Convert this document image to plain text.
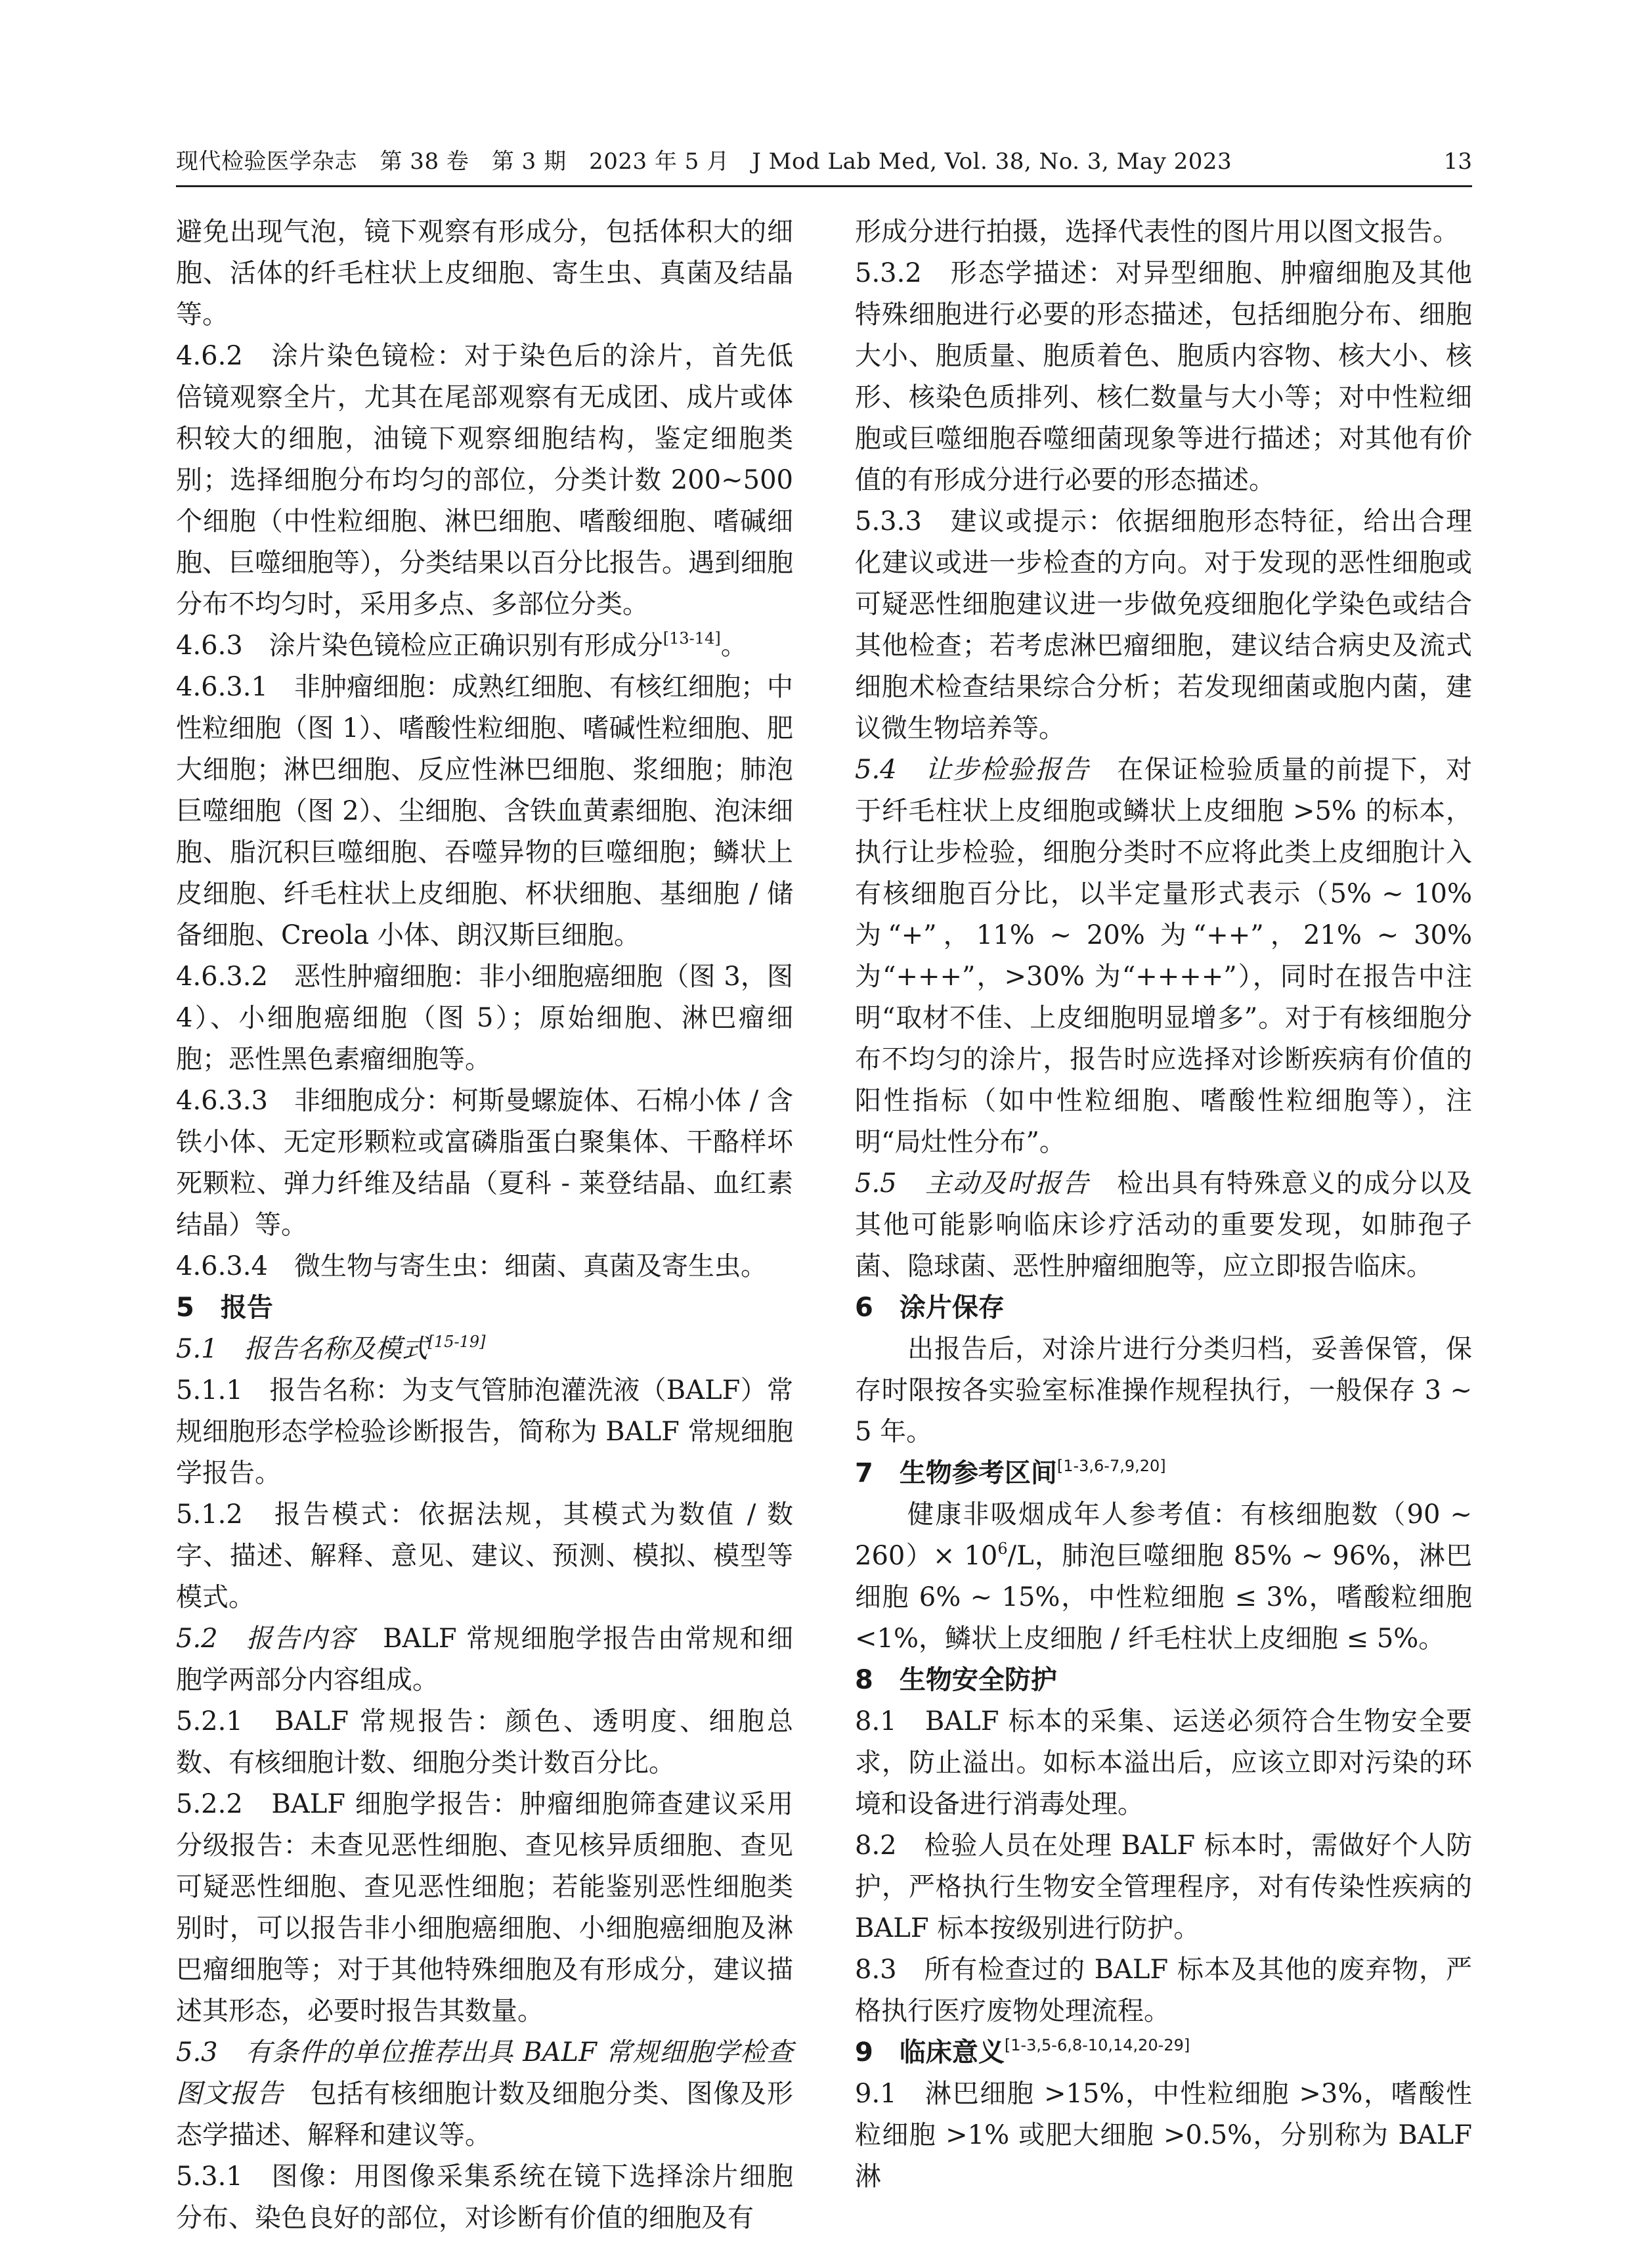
现代检验医学杂志　第 38 卷　第 3 期　2023 年 5 月　J Mod Lab Med, Vol. 38, No. 3, May 2023	13

避免出现气泡，镜下观察有形成分，包括体积大的细胞、活体的纤毛柱状上皮细胞、寄生虫、真菌及结晶等。

4.6.2　涂片染色镜检：对于染色后的涂片，首先低倍镜观察全片，尤其在尾部观察有无成团、成片或体积较大的细胞，油镜下观察细胞结构，鉴定细胞类别；选择细胞分布均匀的部位，分类计数 200~500 个细胞（中性粒细胞、淋巴细胞、嗜酸细胞、嗜碱细胞、巨噬细胞等），分类结果以百分比报告。遇到细胞分布不均匀时，采用多点、多部位分类。

4.6.3　涂片染色镜检应正确识别有形成分[13-14]。

4.6.3.1　非肿瘤细胞：成熟红细胞、有核红细胞；中性粒细胞（图 1）、嗜酸性粒细胞、嗜碱性粒细胞、肥大细胞；淋巴细胞、反应性淋巴细胞、浆细胞；肺泡巨噬细胞（图 2）、尘细胞、含铁血黄素细胞、泡沫细胞、脂沉积巨噬细胞、吞噬异物的巨噬细胞；鳞状上皮细胞、纤毛柱状上皮细胞、杯状细胞、基细胞 / 储备细胞、Creola 小体、朗汉斯巨细胞。

4.6.3.2　恶性肿瘤细胞：非小细胞癌细胞（图 3，图 4）、小细胞癌细胞（图 5）；原始细胞、淋巴瘤细胞；恶性黑色素瘤细胞等。

4.6.3.3　非细胞成分：柯斯曼螺旋体、石棉小体 / 含铁小体、无定形颗粒或富磷脂蛋白聚集体、干酪样坏死颗粒、弹力纤维及结晶（夏科 - 莱登结晶、血红素结晶）等。

4.6.3.4　微生物与寄生虫：细菌、真菌及寄生虫。

5　报告

5.1　报告名称及模式[15-19]

5.1.1　报告名称：为支气管肺泡灌洗液（BALF）常规细胞形态学检验诊断报告，简称为 BALF 常规细胞学报告。

5.1.2　报告模式：依据法规，其模式为数值 / 数字、描述、解释、意见、建议、预测、模拟、模型等模式。

5.2　报告内容　 BALF 常规细胞学报告由常规和细胞学两部分内容组成。

5.2.1　BALF 常规报告：颜色、透明度、细胞总数、有核细胞计数、细胞分类计数百分比。

5.2.2　BALF 细胞学报告：肿瘤细胞筛查建议采用分级报告：未查见恶性细胞、查见核异质细胞、查见可疑恶性细胞、查见恶性细胞；若能鉴别恶性细胞类别时，可以报告非小细胞癌细胞、小细胞癌细胞及淋巴瘤细胞等；对于其他特殊细胞及有形成分，建议描述其形态，必要时报告其数量。

5.3　有条件的单位推荐出具 BALF 常规细胞学检查图文报告　 包括有核细胞计数及细胞分类、图像及形态学描述、解释和建议等。

5.3.1　图像：用图像采集系统在镜下选择涂片细胞分布、染色良好的部位，对诊断有价值的细胞及有

形成分进行拍摄，选择代表性的图片用以图文报告。

5.3.2　形态学描述：对异型细胞、肿瘤细胞及其他特殊细胞进行必要的形态描述，包括细胞分布、细胞大小、胞质量、胞质着色、胞质内容物、核大小、核形、核染色质排列、核仁数量与大小等；对中性粒细胞或巨噬细胞吞噬细菌现象等进行描述；对其他有价值的有形成分进行必要的形态描述。

5.3.3　建议或提示：依据细胞形态特征，给出合理化建议或进一步检查的方向。对于发现的恶性细胞或可疑恶性细胞建议进一步做免疫细胞化学染色或结合其他检查；若考虑淋巴瘤细胞，建议结合病史及流式细胞术检查结果综合分析；若发现细菌或胞内菌，建议微生物培养等。

5.4　让步检验报告　 在保证检验质量的前提下，对于纤毛柱状上皮细胞或鳞状上皮细胞 >5% 的标本，执行让步检验，细胞分类时不应将此类上皮细胞计入有核细胞百分比，以半定量形式表示（5% ~ 10% 为“+”，11% ~ 20% 为“++”，21% ~ 30% 为“+++”，>30% 为“++++”），同时在报告中注明“取材不佳、上皮细胞明显增多”。对于有核细胞分布不均匀的涂片，报告时应选择对诊断疾病有价值的阳性指标（如中性粒细胞、嗜酸性粒细胞等），注明“局灶性分布”。

5.5　主动及时报告　 检出具有特殊意义的成分以及其他可能影响临床诊疗活动的重要发现，如肺孢子菌、隐球菌、恶性肿瘤细胞等，应立即报告临床。

6　涂片保存

出报告后，对涂片进行分类归档，妥善保管，保存时限按各实验室标准操作规程执行，一般保存 3 ~ 5 年。

7　生物参考区间[1-3,6-7,9,20]

健康非吸烟成年人参考值：有核细胞数（90 ~ $260)\times 10^6/L$，肺泡巨噬细胞 85% ~ 96%，淋巴细胞 6% ~ 15%，中性粒细胞 ≤ 3%，嗜酸粒细胞 <1%，鳞状上皮细胞 / 纤毛柱状上皮细胞 ≤ 5%。

8　生物安全防护

8.1　BALF 标本的采集、运送必须符合生物安全要求，防止溢出。如标本溢出后，应该立即对污染的环境和设备进行消毒处理。

8.2　检验人员在处理 BALF 标本时，需做好个人防护，严格执行生物安全管理程序，对有传染性疾病的 BALF 标本按级别进行防护。

8.3　所有检查过的 BALF 标本及其他的废弃物，严格执行医疗废物处理流程。

9　临床意义[1-3,5-6,8-10,14,20-29]

9.1　淋巴细胞 >15%，中性粒细胞 >3%，嗜酸性粒细胞 >1% 或肥大细胞 >0.5%，分别称为 BALF 淋
